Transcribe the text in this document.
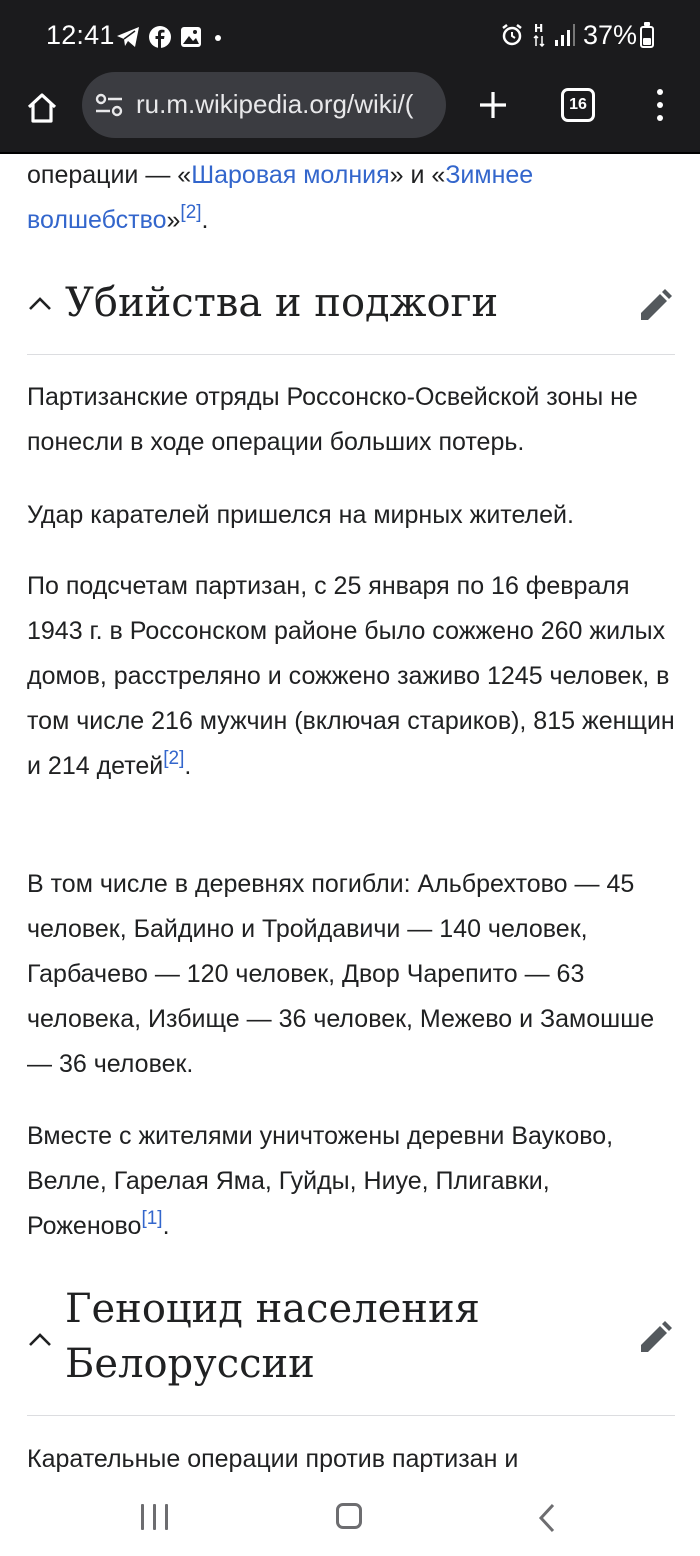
12:41	H 37%
ru.m.wikipedia.org/wiki/(	16
операции — «Шаровая молния» и «Зимнее
волшебство»[2].
Убийства и поджоги
Партизанские отряды Россонско-Освейской зоны не понесли в ходе операции больших потерь.
Удар карателей пришелся на мирных жителей.
По подсчетам партизан, с 25 января по 16 февраля 1943 г. в Россонском районе было сожжено 260 жилых домов, расстреляно и сожжено заживо 1245 человек, в том числе 216 мужчин (включая стариков), 815 женщин и 214 детей[2].
В том числе в деревнях погибли: Альбрехтово — 45 человек, Байдино и Тройдавичи — 140 человек, Гарбачево — 120 человек, Двор Чарепито — 63 человека, Избище — 36 человек, Межево и Замошше — 36 человек.
Вместе с жителями уничтожены деревни Вауково, Велле, Гарелая Яма, Гуйды, Ниуе, Плигавки, Роженово[1].
Геноцид населения
Белоруссии
Карательные операции против партизан и
